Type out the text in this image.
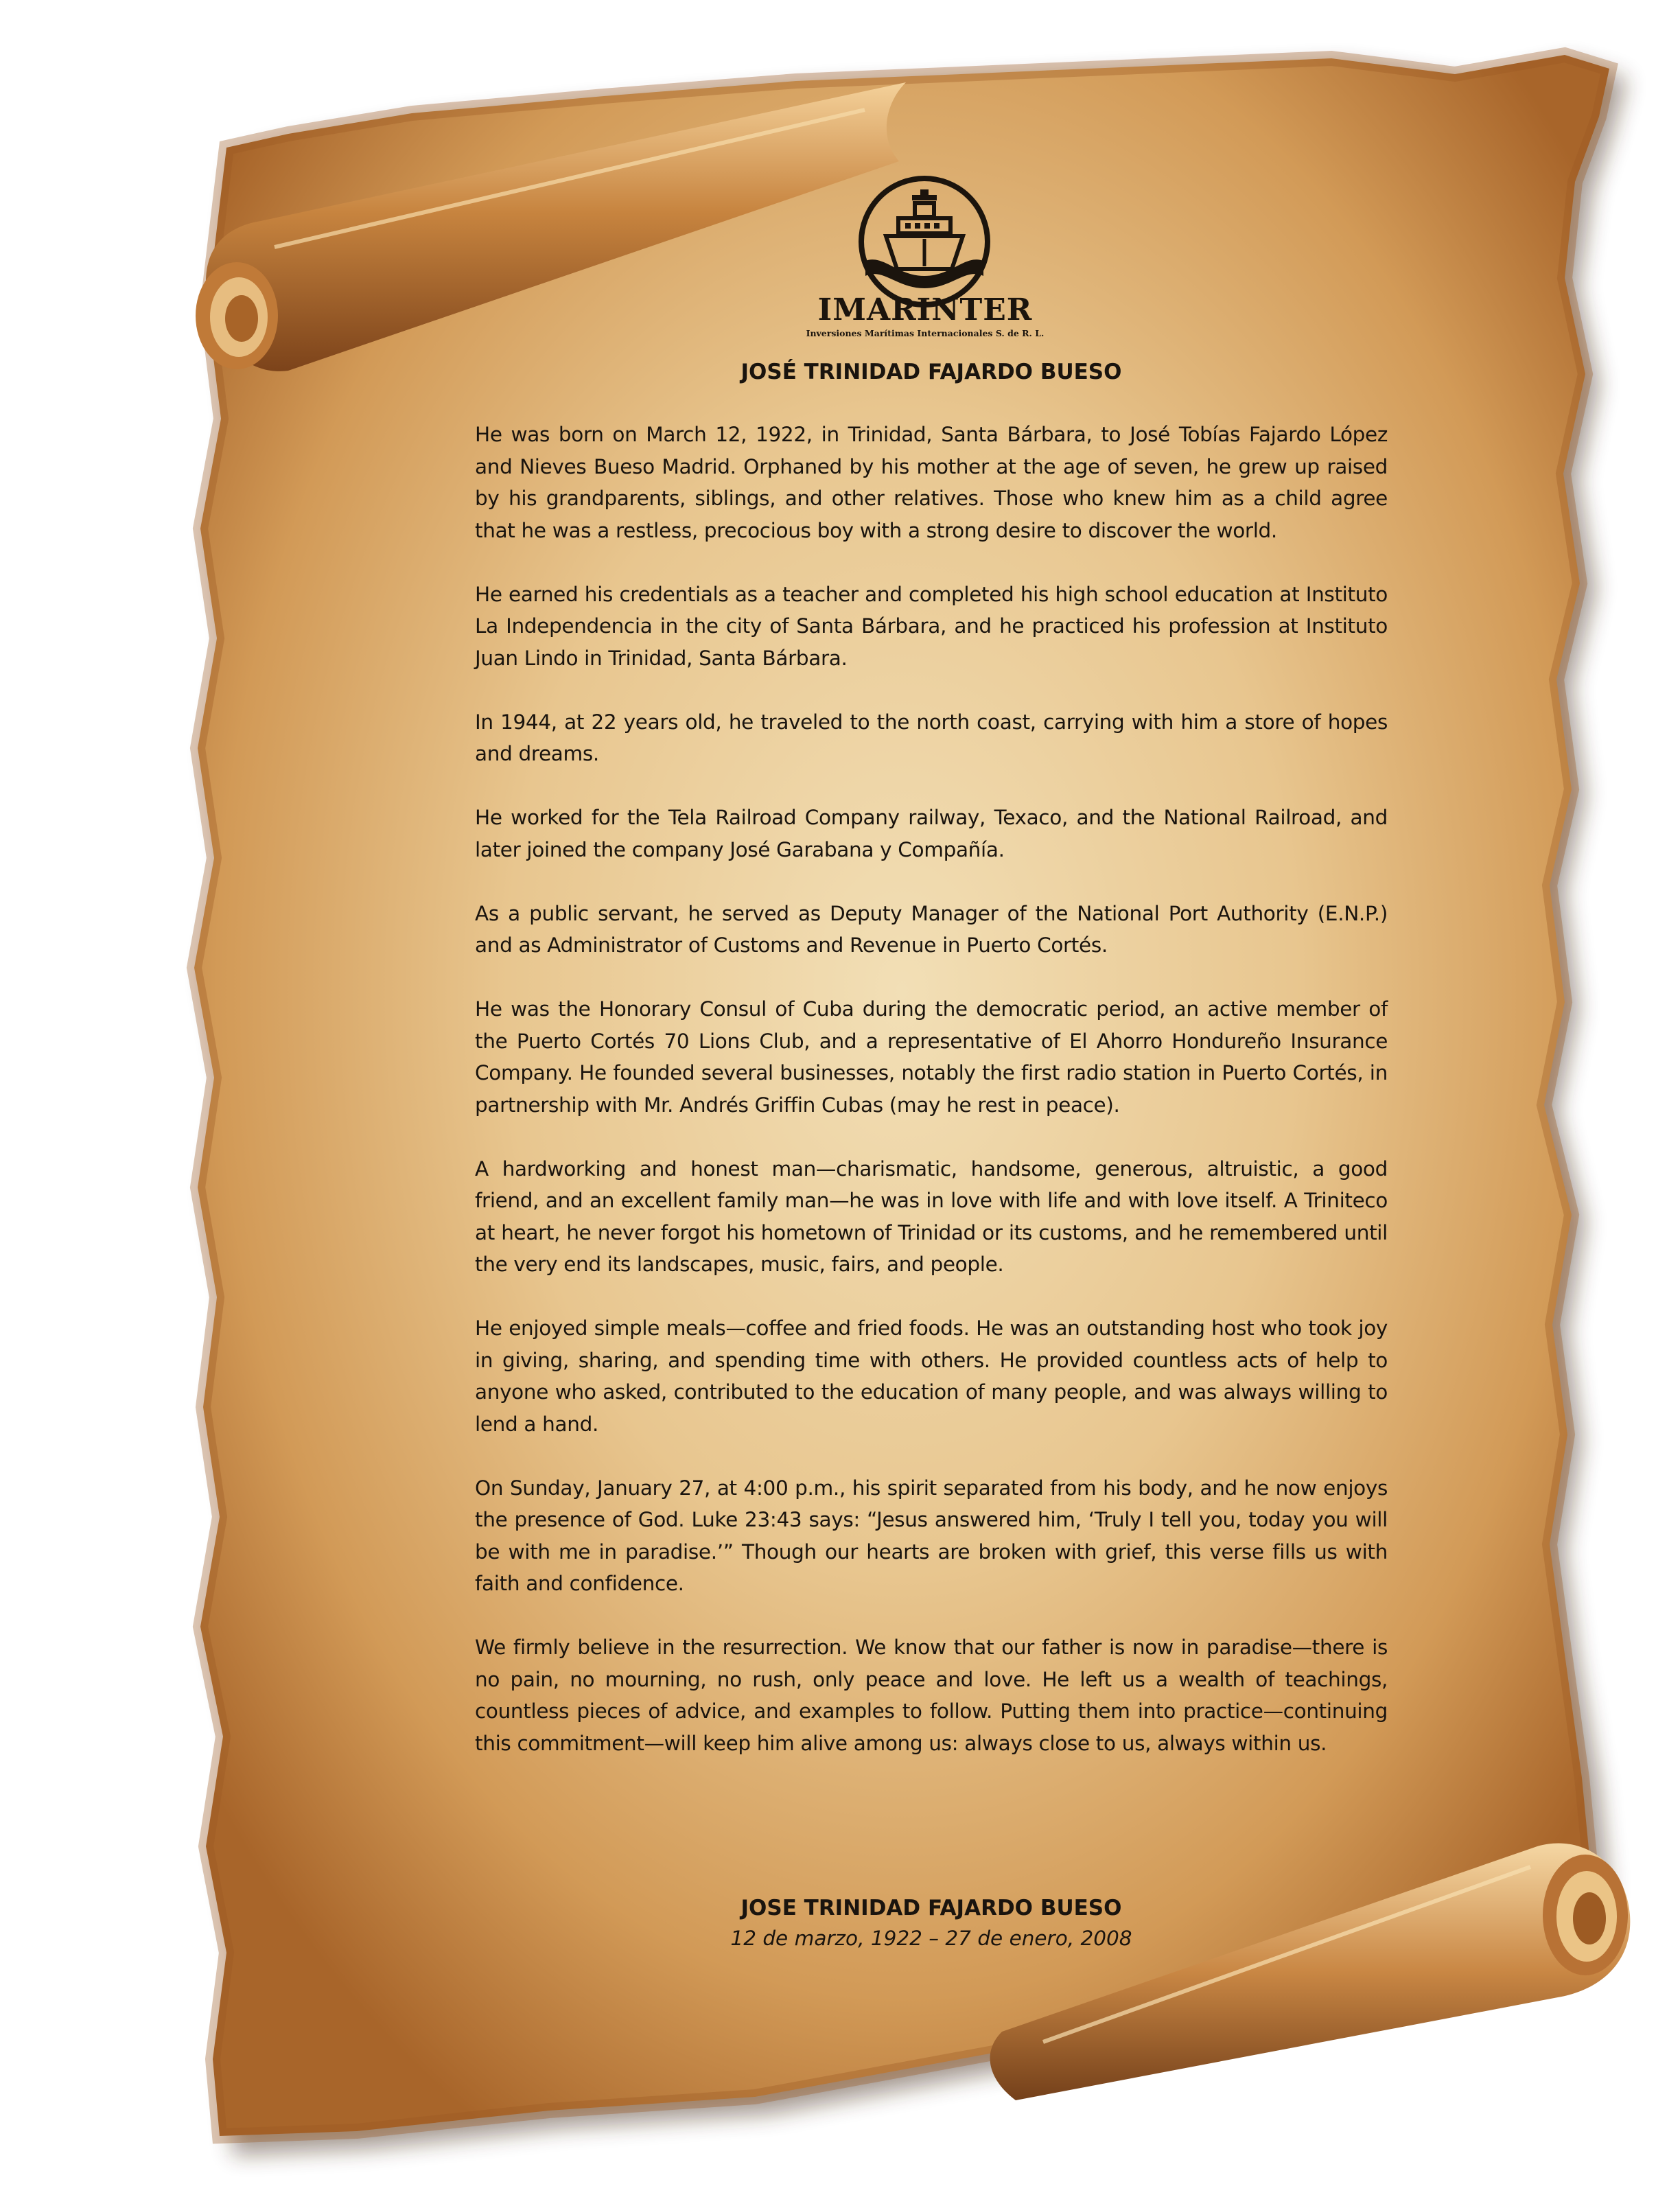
IMARINTER
Inversiones Marítimas Internacionales S. de R. L.
JOSÉ TRINIDAD FAJARDO BUESO

He was born on March 12, 1922, in Trinidad, Santa Bárbara, to José Tobías Fajardo López and Nieves Bueso Madrid. Orphaned by his mother at the age of seven, he grew up raised by his grandparents, siblings, and other relatives. Those who knew him as a child agree that he was a restless, precocious boy with a strong desire to discover the world.

He earned his credentials as a teacher and completed his high school education at Instituto La Independencia in the city of Santa Bárbara, and he practiced his profession at Instituto Juan Lindo in Trinidad, Santa Bárbara.

In 1944, at 22 years old, he traveled to the north coast, carrying with him a store of hopes and dreams.

He worked for the Tela Railroad Company railway, Texaco, and the National Railroad, and later joined the company José Garabana y Compañía.

As a public servant, he served as Deputy Manager of the National Port Authority (E.N.P.) and as Administrator of Customs and Revenue in Puerto Cortés.

He was the Honorary Consul of Cuba during the democratic period, an active member of the Puerto Cortés 70 Lions Club, and a representative of El Ahorro Hondureño Insurance Company. He founded several businesses, notably the first radio station in Puerto Cortés, in partnership with Mr. Andrés Griffin Cubas (may he rest in peace).

A hardworking and honest man—charismatic, handsome, generous, altruistic, a good friend, and an excellent family man—he was in love with life and with love itself. A Triniteco at heart, he never forgot his hometown of Trinidad or its customs, and he remembered until the very end its landscapes, music, fairs, and people.

He enjoyed simple meals—coffee and fried foods. He was an outstanding host who took joy in giving, sharing, and spending time with others. He provided countless acts of help to anyone who asked, contributed to the education of many people, and was always willing to lend a hand.

On Sunday, January 27, at 4:00 p.m., his spirit separated from his body, and he now enjoys the presence of God. Luke 23:43 says: “Jesus answered him, ‘Truly I tell you, today you will be with me in paradise.’” Though our hearts are broken with grief, this verse fills us with faith and confidence.

We firmly believe in the resurrection. We know that our father is now in paradise—there is no pain, no mourning, no rush, only peace and love. He left us a wealth of teachings, countless pieces of advice, and examples to follow. Putting them into practice—continuing this commitment—will keep him alive among us: always close to us, always within us.

JOSE TRINIDAD FAJARDO BUESO
12 de marzo, 1922 – 27 de enero, 2008
